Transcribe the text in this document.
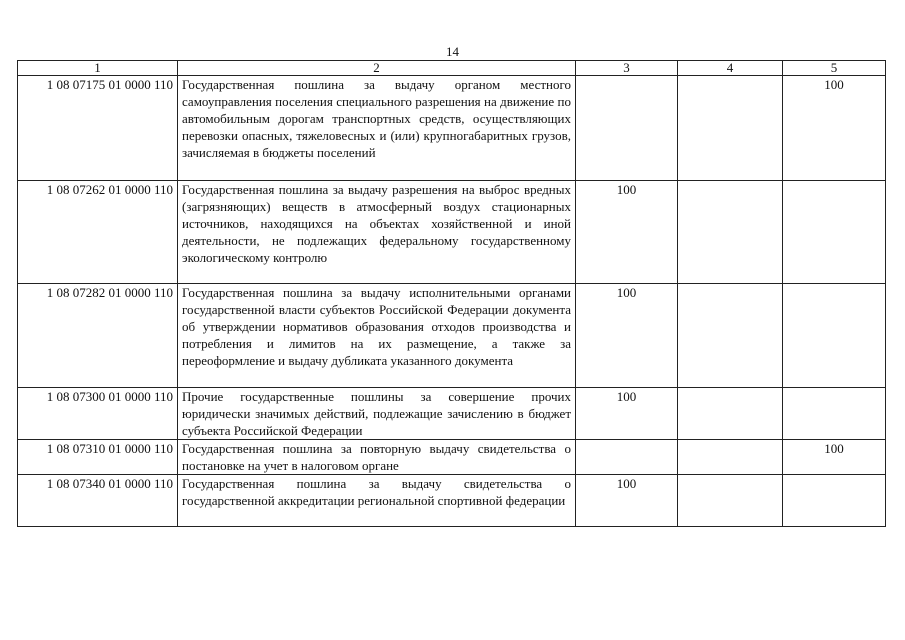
14
1	2	3	4	5
1 08 07175 01 0000 110	Государственная пошлина за выдачу органом местного самоуправления поселения специального разрешения на движение по автомобильным дорогам транспортных средств, осуществляющих перевозки опасных, тяжеловесных и (или) крупногабаритных грузов, зачисляемая в бюджеты поселений			100
1 08 07262 01 0000 110	Государственная пошлина за выдачу разрешения на выброс вредных (загрязняющих) веществ в атмосферный воздух стационарных источников, находящихся на объектах хозяйственной и иной деятельности, не подлежащих федеральному государственному экологическому контролю	100		
1 08 07282 01 0000 110	Государственная пошлина за выдачу исполнительными органами государственной власти субъектов Российской Федерации документа об утверждении нормативов образования отходов производства и потребления и лимитов на их размещение, а также за переоформление и выдачу дубликата указанного документа	100		
1 08 07300 01 0000 110	Прочие государственные пошлины за совершение прочих юридически значимых действий, подлежащие зачислению в бюджет субъекта Российской Федерации	100		
1 08 07310 01 0000 110	Государственная пошлина за повторную выдачу свидетельства о постановке на учет в налоговом органе			100
1 08 07340 01 0000 110	Государственная пошлина за выдачу свидетельства о государственной аккредитации региональной спортивной федерации	100		
